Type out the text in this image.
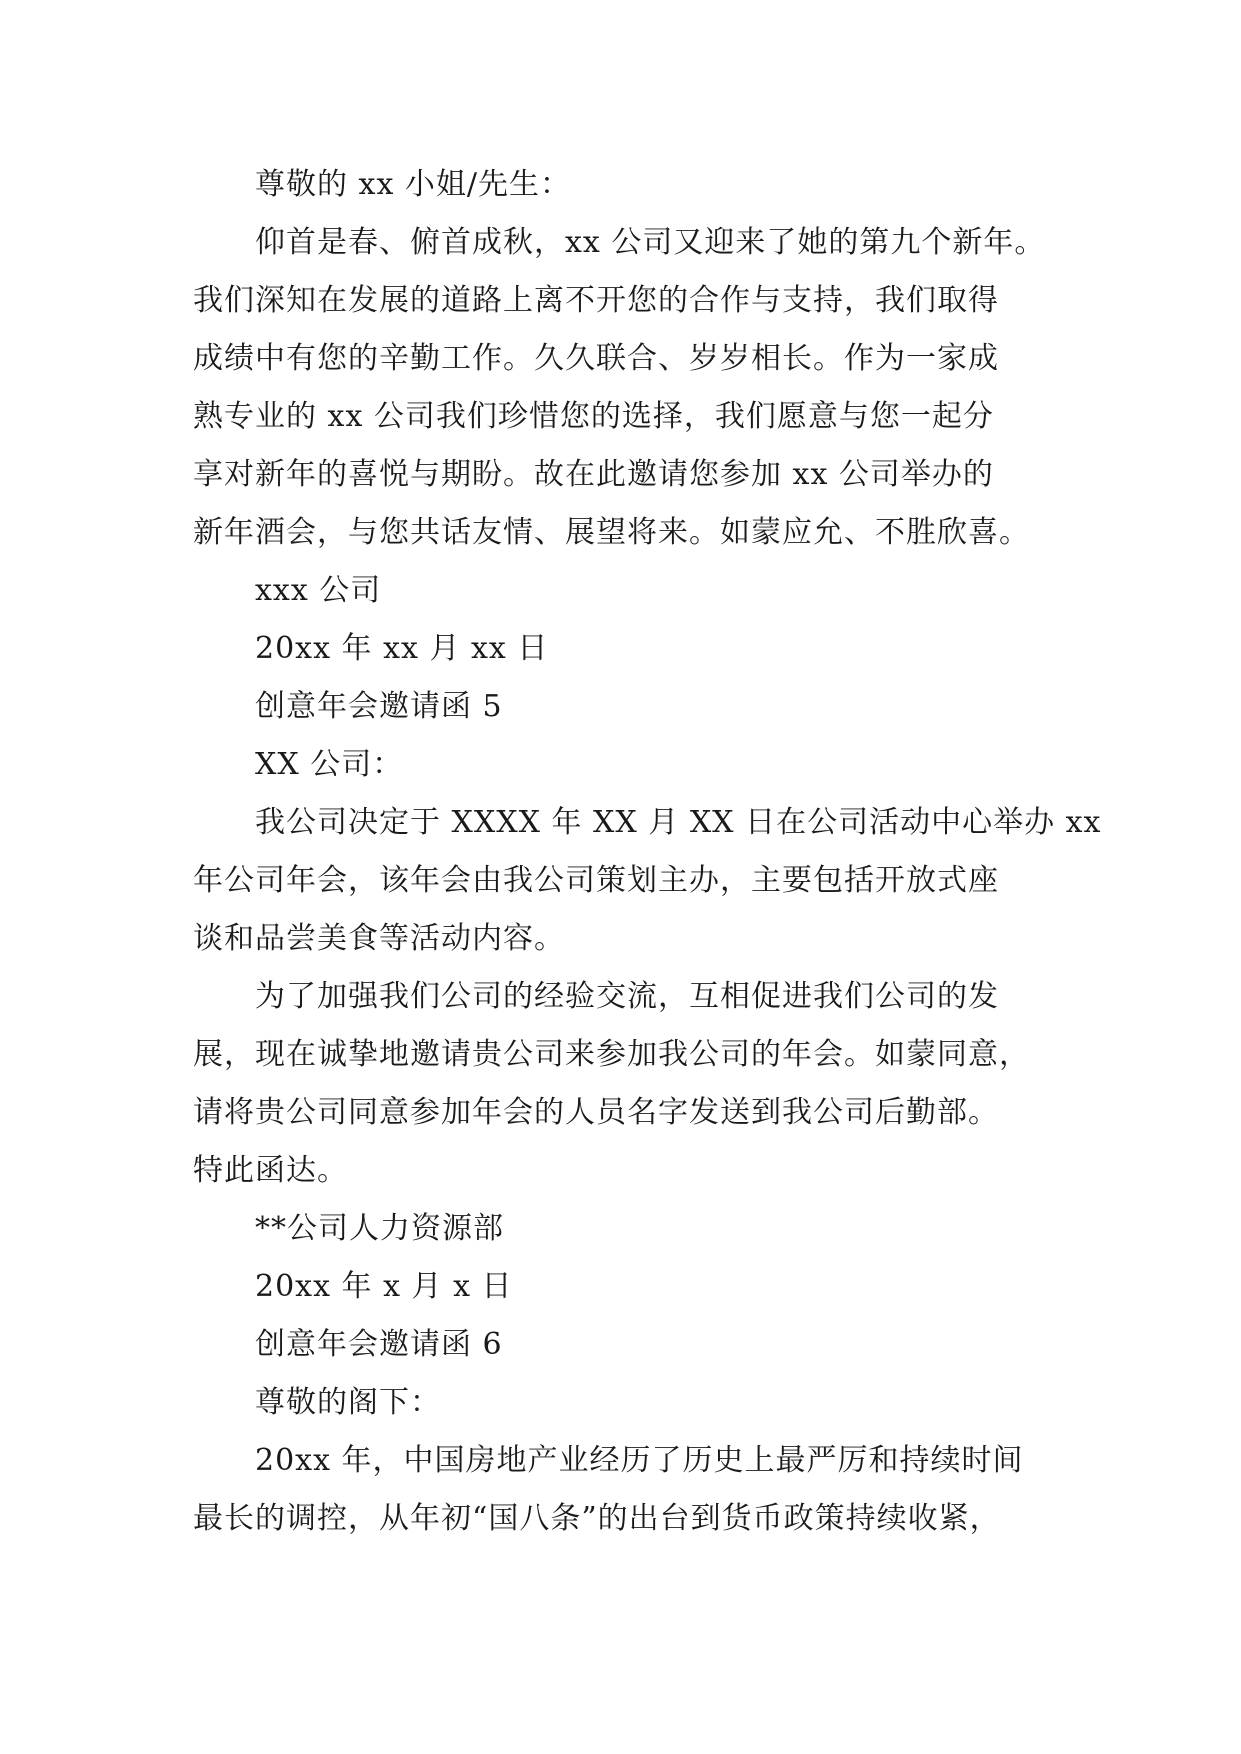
尊敬的 xx 小姐/先生：

仰首是春、俯首成秋，xx 公司又迎来了她的第九个新年。

我们深知在发展的道路上离不开您的合作与支持，我们取得

成绩中有您的辛勤工作。久久联合、岁岁相长。作为一家成

熟专业的 xx 公司我们珍惜您的选择，我们愿意与您一起分

享对新年的喜悦与期盼。故在此邀请您参加 xx 公司举办的

新年酒会，与您共话友情、展望将来。如蒙应允、不胜欣喜。

xxx 公司

20xx 年 xx 月 xx 日

创意年会邀请函 5

XX 公司：

我公司决定于 XXXX 年 XX 月 XX 日在公司活动中心举办 xx

年公司年会，该年会由我公司策划主办，主要包括开放式座

谈和品尝美食等活动内容。

为了加强我们公司的经验交流，互相促进我们公司的发

展，现在诚挚地邀请贵公司来参加我公司的年会。如蒙同意，

请将贵公司同意参加年会的人员名字发送到我公司后勤部。

特此函达。

**公司人力资源部

20xx 年 x 月 x 日

创意年会邀请函 6

尊敬的阁下：

20xx 年，中国房地产业经历了历史上最严厉和持续时间

最长的调控，从年初“国八条”的出台到货币政策持续收紧，
